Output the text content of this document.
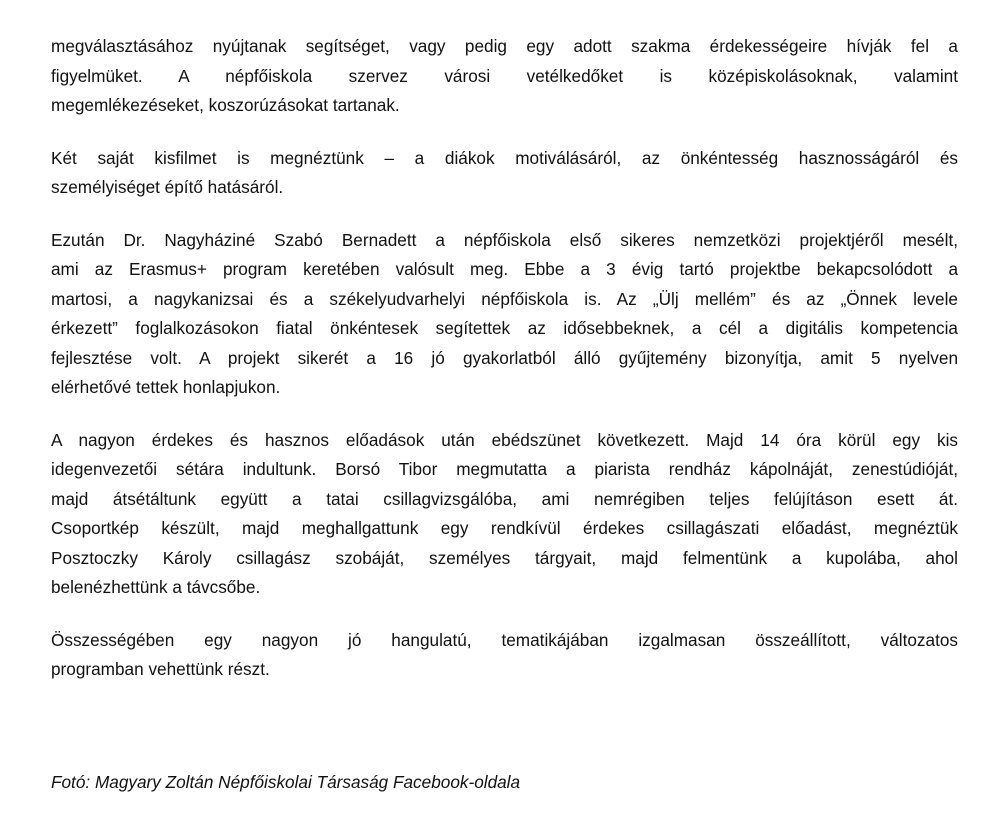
megválasztásához nyújtanak segítséget, vagy pedig egy adott szakma érdekességeire hívják fel a
figyelmüket. A népfőiskola szervez városi vetélkedőket is középiskolásoknak, valamint
megemlékezéseket, koszorúzásokat tartanak.
Két saját kisfilmet is megnéztünk – a diákok motiválásáról, az önkéntesség hasznosságáról és
személyiséget építő hatásáról.
Ezután Dr. Nagyháziné Szabó Bernadett a népfőiskola első sikeres nemzetközi projektjéről mesélt,
ami az Erasmus+ program keretében valósult meg. Ebbe a 3 évig tartó projektbe bekapcsolódott a
martosi, a nagykanizsai és a székelyudvarhelyi népfőiskola is. Az „Ülj mellém” és az „Önnek levele
érkezett” foglalkozásokon fiatal önkéntesek segítettek az idősebbeknek, a cél a digitális kompetencia
fejlesztése volt. A projekt sikerét a 16 jó gyakorlatból álló gyűjtemény bizonyítja, amit 5 nyelven
elérhetővé tettek honlapjukon.
A nagyon érdekes és hasznos előadások után ebédszünet következett. Majd 14 óra körül egy kis
idegenvezetői sétára indultunk. Borsó Tibor megmutatta a piarista rendház kápolnáját, zenestúdióját,
majd átsétáltunk együtt a tatai csillagvizsgálóba, ami nemrégiben teljes felújításon esett át.
Csoportkép készült, majd meghallgattunk egy rendkívül érdekes csillagászati előadást, megnéztük
Posztoczky Károly csillagász szobáját, személyes tárgyait, majd felmentünk a kupolába, ahol
belenézhettünk a távcsőbe.
Összességében egy nagyon jó hangulatú, tematikájában izgalmasan összeállított, változatos
programban vehettünk részt.
Fotó: Magyary Zoltán Népfőiskolai Társaság Facebook-oldala
